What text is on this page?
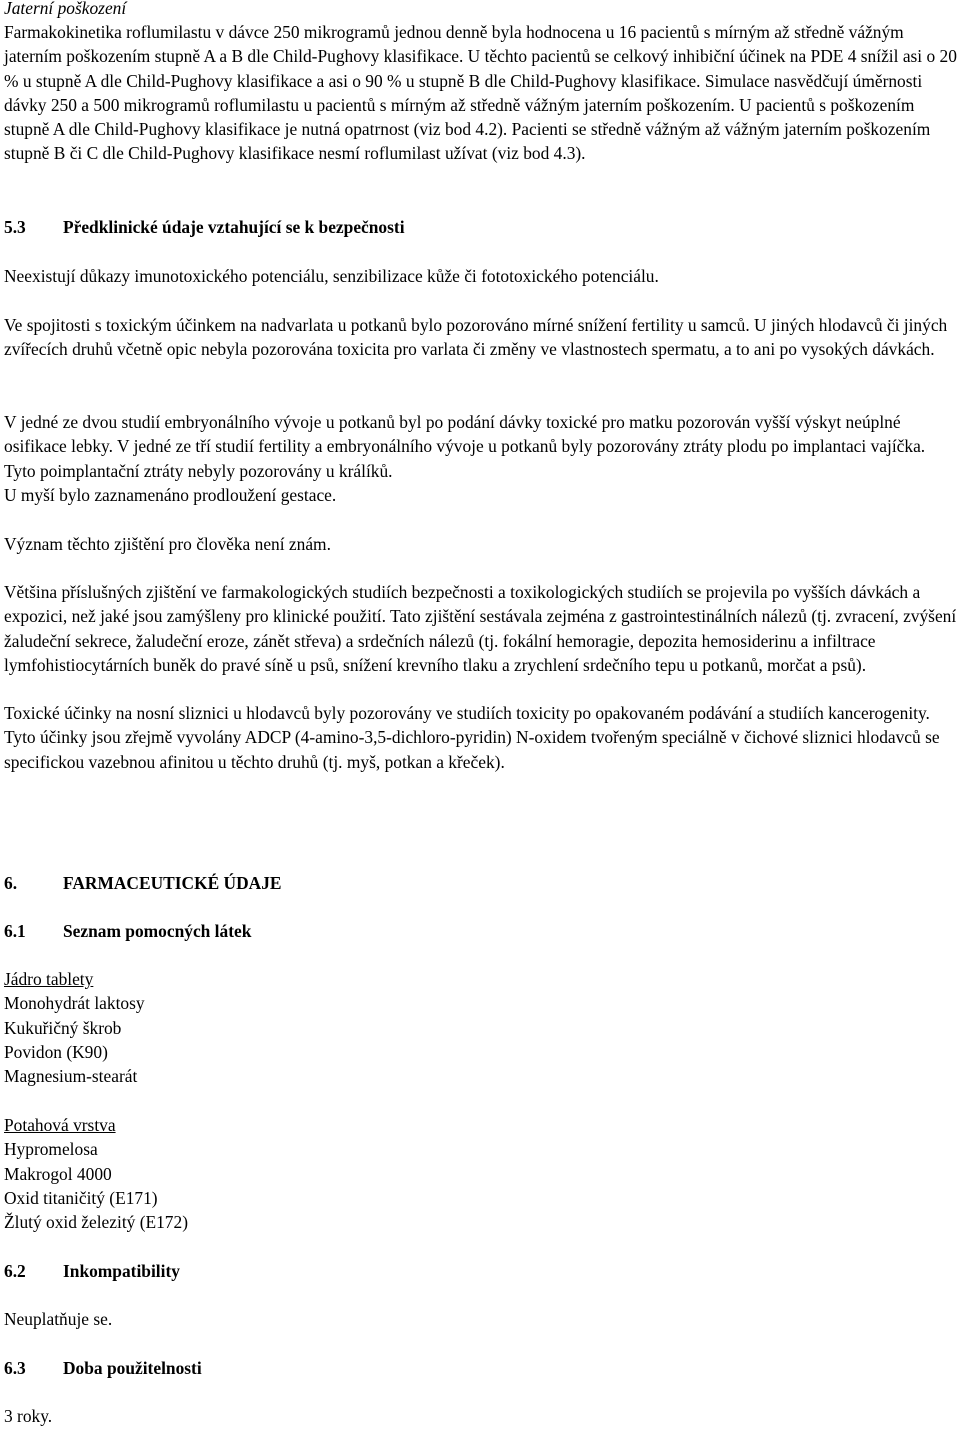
Jaterní poškození

Farmakokinetika roflumilastu v dávce 250 mikrogramů jednou denně byla hodnocena u 16 pacientů s mírným až středně vážným jaterním poškozením stupně A a B dle Child-Pughovy klasifikace. U těchto pacientů se celkový inhibiční účinek na PDE 4 snížil asi o 20 % u stupně A dle Child-Pughovy klasifikace a asi o 90 % u stupně B dle Child-Pughovy klasifikace. Simulace nasvědčují úměrnosti dávky 250 a 500 mikrogramů roflumilastu u pacientů s mírným až středně vážným jaterním poškozením. U pacientů s poškozením stupně A dle Child-Pughovy klasifikace je nutná opatrnost (viz bod 4.2). Pacienti se středně vážným až vážným jaterním poškozením stupně B či C dle Child-Pughovy klasifikace nesmí roflumilast užívat (viz bod 4.3).

5.3 Předklinické údaje vztahující se k bezpečnosti

Neexistují důkazy imunotoxického potenciálu, senzibilizace kůže či fototoxického potenciálu.

Ve spojitosti s toxickým účinkem na nadvarlata u potkanů bylo pozorováno mírné snížení fertility u samců. U jiných hlodavců či jiných zvířecích druhů včetně opic nebyla pozorována toxicita pro varlata či změny ve vlastnostech spermatu, a to ani po vysokých dávkách.

V jedné ze dvou studií embryonálního vývoje u potkanů byl po podání dávky toxické pro matku pozorován vyšší výskyt neúplné osifikace lebky. V jedné ze tří studií fertility a embryonálního vývoje u potkanů byly pozorovány ztráty plodu po implantaci vajíčka. Tyto poimplantační ztráty nebyly pozorovány u králíků.

U myší bylo zaznamenáno prodloužení gestace.

Význam těchto zjištění pro člověka není znám.

Většina příslušných zjištění ve farmakologických studiích bezpečnosti a toxikologických studiích se projevila po vyšších dávkách a expozici, než jaké jsou zamýšleny pro klinické použití. Tato zjištění sestávala zejména z gastrointestinálních nálezů (tj. zvracení, zvýšení žaludeční sekrece, žaludeční eroze, zánět střeva) a srdečních nálezů (tj. fokální hemoragie, depozita hemosiderinu a infiltrace lymfohistiocytárních buněk do pravé síně u psů, snížení krevního tlaku a zrychlení srdečního tepu u potkanů, morčat a psů).

Toxické účinky na nosní sliznici u hlodavců byly pozorovány ve studiích toxicity po opakovaném podávání a studiích kancerogenity. Tyto účinky jsou zřejmě vyvolány ADCP (4-amino-3,5-dichloro-pyridin) N-oxidem tvořeným speciálně v čichové sliznici hlodavců se specifickou vazebnou afinitou u těchto druhů (tj. myš, potkan a křeček).

6.	FARMACEUTICKÉ ÚDAJE
6.1 Seznam pomocných látek
Jádro tablety
Monohydrát laktosy
Kukuřičný škrob
Povidon (K90)
Magnesium-stearát
Potahová vrstva
Hypromelosa
Makrogol 4000
Oxid titaničitý (E171)
Žlutý oxid železitý (E172)
6.2 Inkompatibility

Neuplatňuje se.

6.3 Doba použitelnosti

3 roky.
